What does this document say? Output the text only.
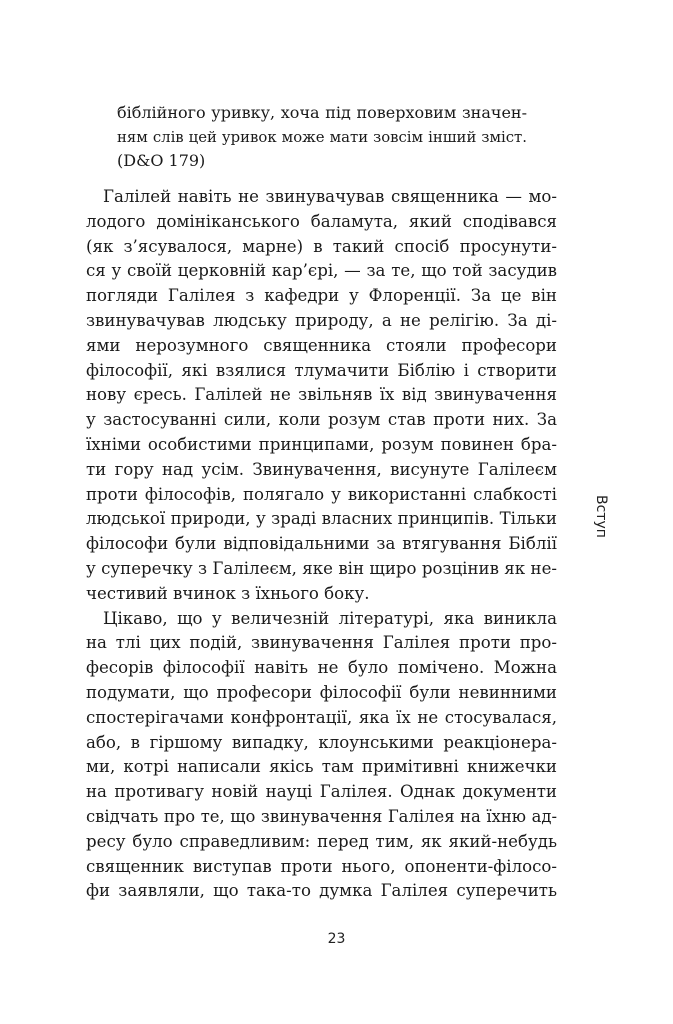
біблійного уривку, хоча під поверховим значен-
ням слів цей уривок може мати зовсім інший зміст.
(D&O 179)
Галілей навіть не звинувачував священника — мо-
лодого домініканського баламута, який сподівався
(як з’ясувалося, марне) в такий спосіб просунути-
ся у своїй церковній кар’єрі, — за те, що той засудив
погляди Галілея з кафедри у Флоренції. За це він
звинувачував людську природу, а не релігію. За ді-
ями нерозумного священника стояли професори
філософії, які взялися тлумачити Біблію і створити
нову єресь. Галілей не звільняв їх від звинувачення
у застосуванні сили, коли розум став проти них. За
їхніми особистими принципами, розум повинен бра-
ти гору над усім. Звинувачення, висунуте Галілеєм
проти філософів, полягало у використанні слабкості
людської природи, у зраді власних принципів. Тільки
філософи були відповідальними за втягування Біблії
у суперечку з Галілеєм, яке він щиро розцінив як не-
честивий вчинок з їхнього боку.
Цікаво, що у величезній літературі, яка виникла
на тлі цих подій, звинувачення Галілея проти про-
фесорів філософії навіть не було помічено. Можна
подумати, що професори філософії були невинними
спостерігачами конфронтації, яка їх не стосувалася,
або, в гіршому випадку, клоунськими реакціонера-
ми, котрі написали якісь там примітивні книжечки
на противагу новій науці Галілея. Однак документи
свідчать про те, що звинувачення Галілея на їхню ад-
ресу було справедливим: перед тим, як який-небудь
священник виступав проти нього, опоненти-філосо-
фи заявляли, що така-то думка Галілея суперечить
Вступ
23
